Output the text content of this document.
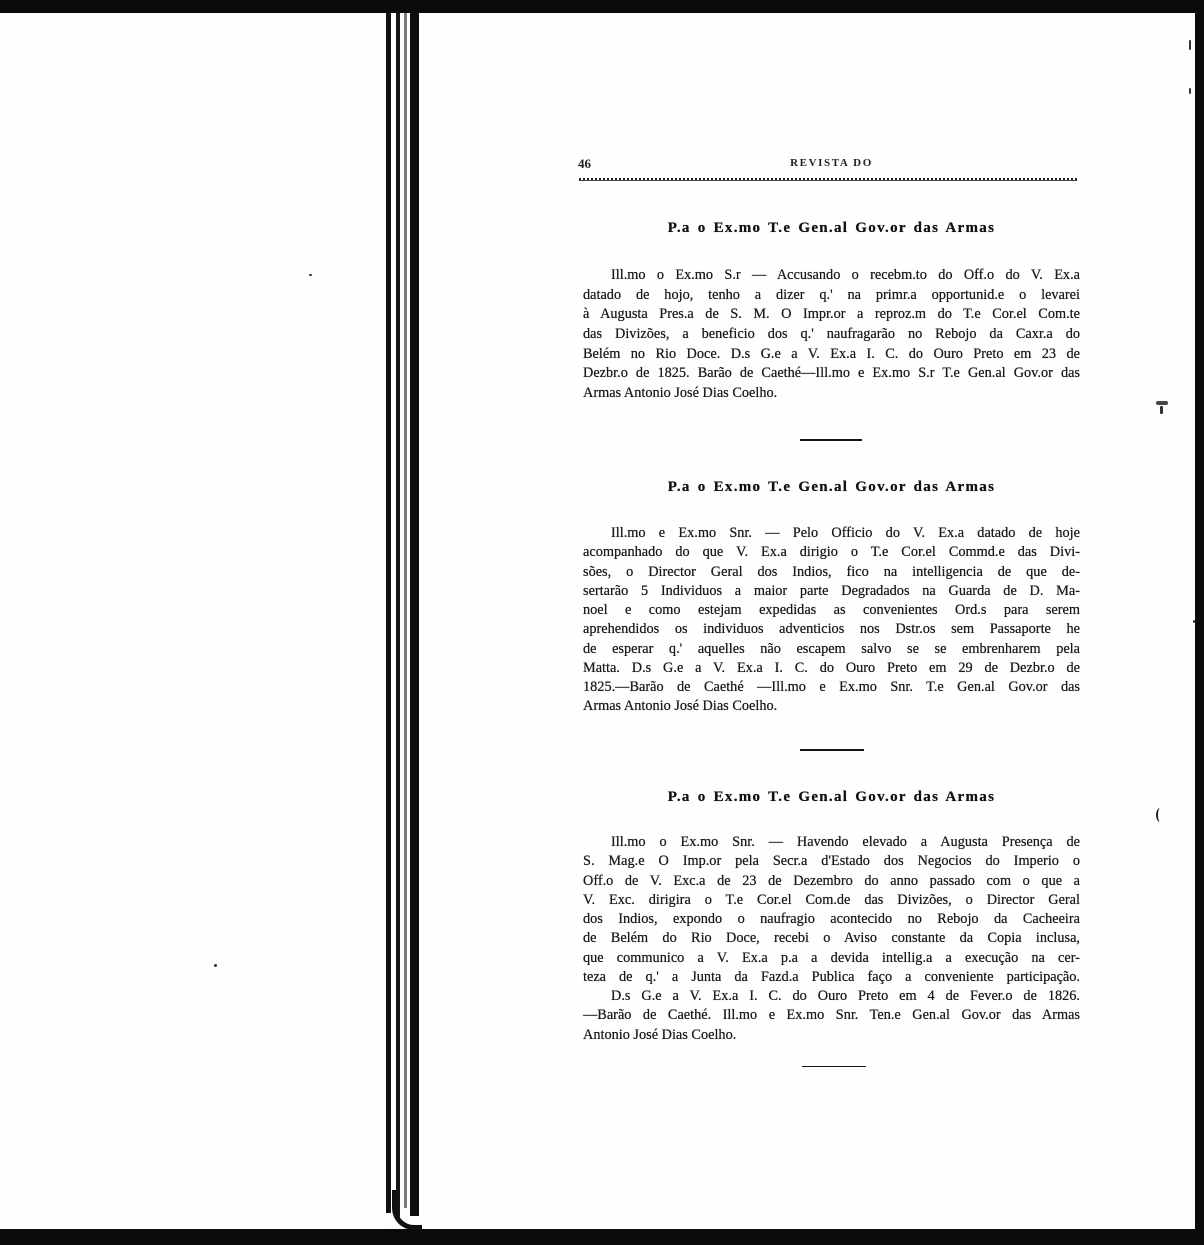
46	REVISTA DO
P.a o Ex.mo T.e Gen.al Gov.or das Armas
Ill.mo o Ex.mo S.r — Accusando o recebm.to do Off.o do V. Ex.a
datado de hojo, tenho a dizer q.' na primr.a opportunid.e o levarei
à Augusta Pres.a de S. M. O Impr.or a reproz.m do T.e Cor.el Com.te
das Divizões, a beneficio dos q.' naufragarão no Rebojo da Caxr.a do
Belém no Rio Doce. D.s G.e a V. Ex.a I. C. do Ouro Preto em 23 de
Dezbr.o de 1825. Barão de Caethé—Ill.mo e Ex.mo S.r T.e Gen.al Gov.or das
Armas Antonio José Dias Coelho.
P.a o Ex.mo T.e Gen.al Gov.or das Armas
Ill.mo e Ex.mo Snr. — Pelo Officio do V. Ex.a datado de hoje
acompanhado do que V. Ex.a dirigio o T.e Cor.el Commd.e das Divi-
sões, o Director Geral dos Indios, fico na intelligencia de que de-
sertarão 5 Individuos a maior parte Degradados na Guarda de D. Ma-
noel e como estejam expedidas as convenientes Ord.s para serem
aprehendidos os individuos adventicios nos Dstr.os sem Passaporte he
de esperar q.' aquelles não escapem salvo se se embrenharem pela
Matta. D.s G.e a V. Ex.a I. C. do Ouro Preto em 29 de Dezbr.o de
1825.—Barão de Caethé —Ill.mo e Ex.mo Snr. T.e Gen.al Gov.or das
Armas Antonio José Dias Coelho.
P.a o Ex.mo T.e Gen.al Gov.or das Armas
Ill.mo o Ex.mo Snr. — Havendo elevado a Augusta Presença de
S. Mag.e O Imp.or pela Secr.a d'Estado dos Negocios do Imperio o
Off.o de V. Exc.a de 23 de Dezembro do anno passado com o que a
V. Exc. dirigira o T.e Cor.el Com.de das Divizões, o Director Geral
dos Indios, expondo o naufragio acontecido no Rebojo da Cacheeira
de Belém do Rio Doce, recebi o Aviso constante da Copia inclusa,
que communico a V. Ex.a p.a a devida intellig.a a execução na cer-
teza de q.' a Junta da Fazd.a Publica faço a conveniente participação.
D.s G.e a V. Ex.a I. C. do Ouro Preto em 4 de Fever.o de 1826.
—Barão de Caethé. Ill.mo e Ex.mo Snr. Ten.e Gen.al Gov.or das Armas
Antonio José Dias Coelho.
